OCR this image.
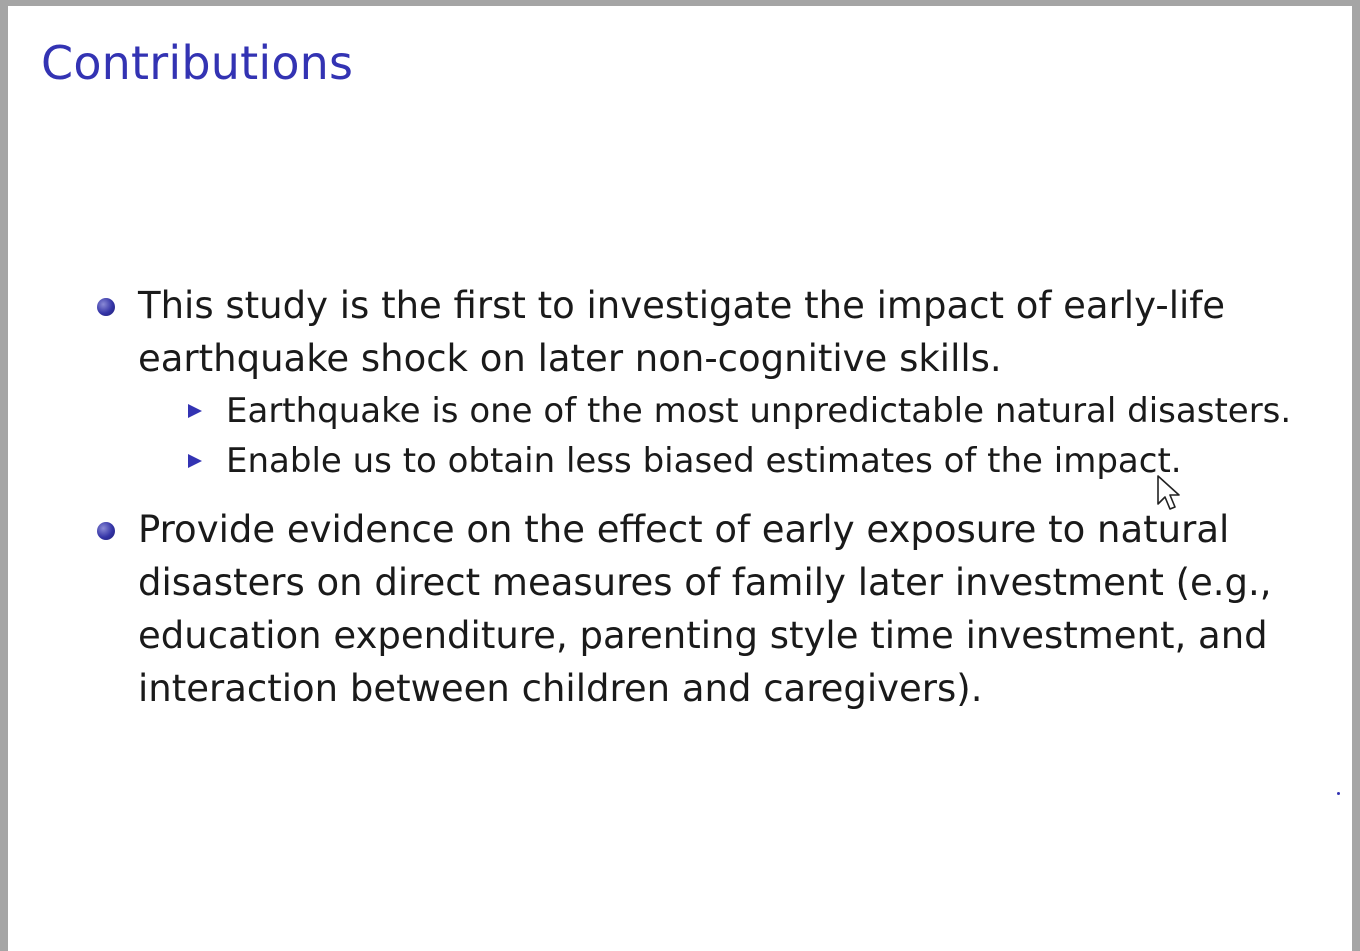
Contributions
This study is the first to investigate the impact of early-life earthquake shock on later non-cognitive skills.
Earthquake is one of the most unpredictable natural disasters.
Enable us to obtain less biased estimates of the impact.
Provide evidence on the effect of early exposure to natural disasters on direct measures of family later investment (e.g., education expenditure, parenting style time investment, and interaction between children and caregivers).
